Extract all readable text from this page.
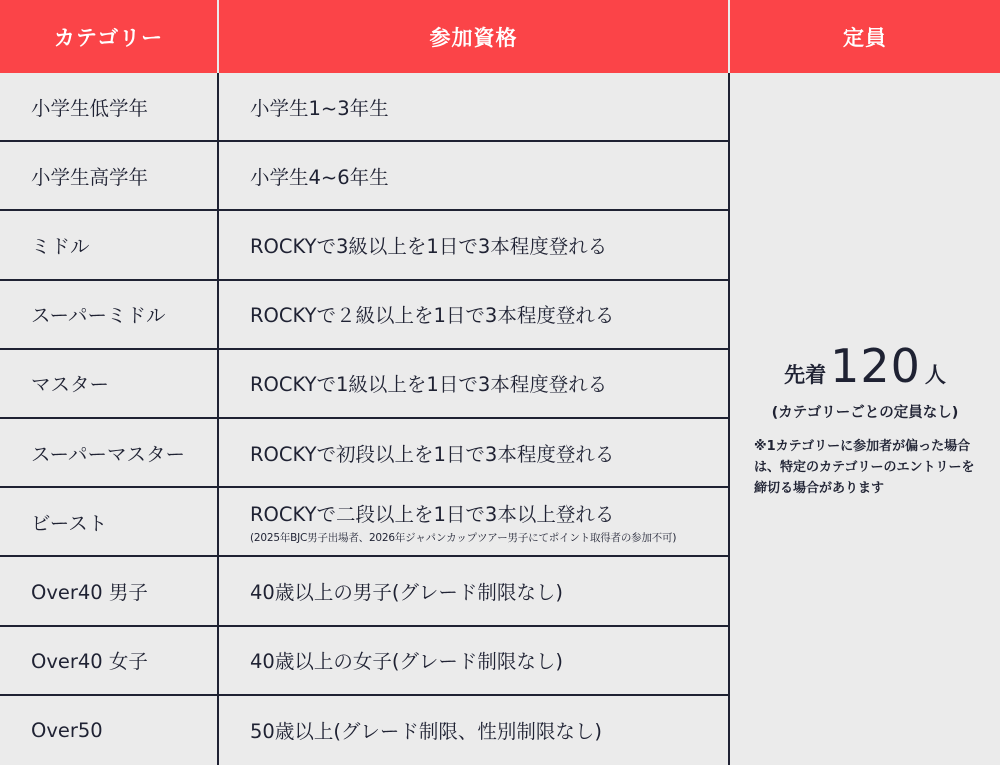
カテゴリー	参加資格	定員
小学生低学年	小学生1~3年生
小学生高学年	小学生4~6年生
ミドル	ROCKYで3級以上を1日で3本程度登れる
スーパーミドル	ROCKYで２級以上を1日で3本程度登れる
マスター	ROCKYで1級以上を1日で3本程度登れる
スーパーマスター	ROCKYで初段以上を1日で3本程度登れる
ビースト	ROCKYで二段以上を1日で3本以上登れる
(2025年BJC男子出場者、2026年ジャパンカップツアー男子にてポイント取得者の参加不可)
Over40 男子	40歳以上の男子(グレード制限なし)
Over40 女子	40歳以上の女子(グレード制限なし)
Over50	50歳以上(グレード制限、性別制限なし)
先着 120 人
(カテゴリーごとの定員なし)
※1カテゴリーに参加者が偏った場合は、特定のカテゴリーのエントリーを締切る場合があります
